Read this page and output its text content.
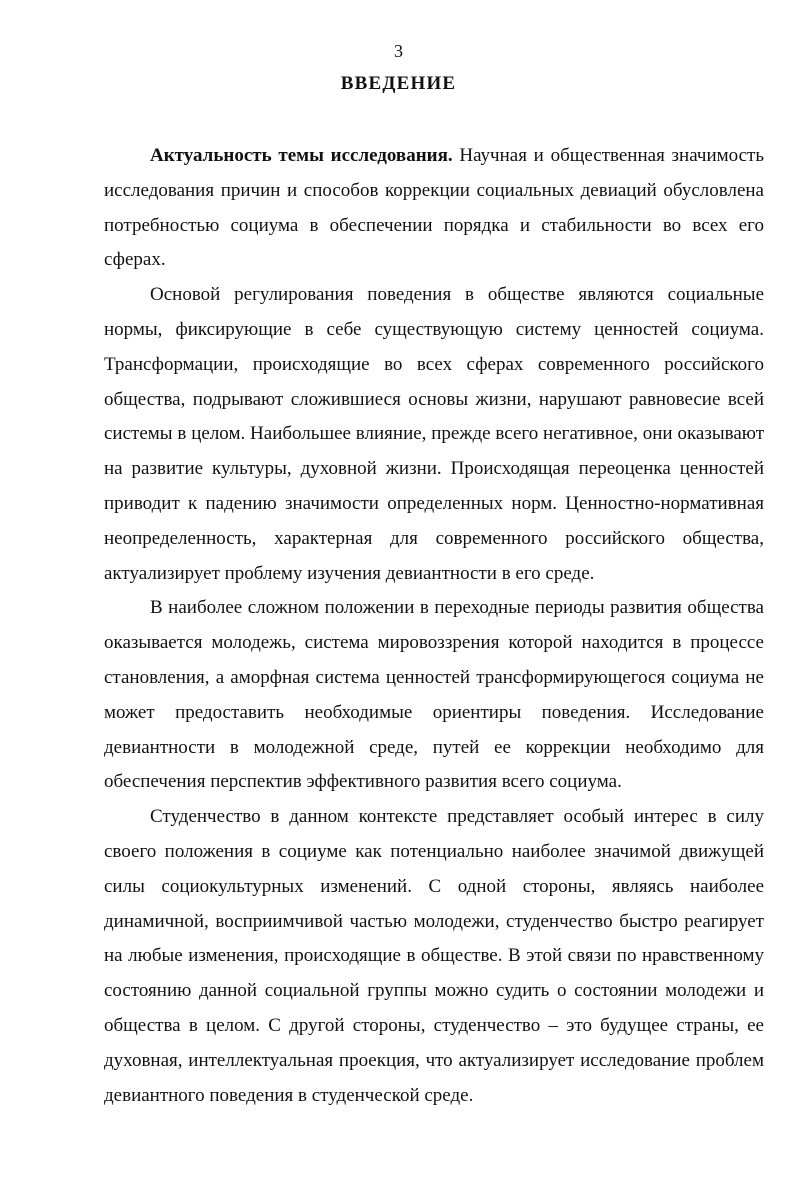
3
ВВЕДЕНИЕ

Актуальность темы исследования. Научная и общественная значимость исследования причин и способов коррекции социальных девиаций обусловлена потребностью социума в обеспечении порядка и стабильности во всех его сферах.

Основой регулирования поведения в обществе являются социальные нормы, фиксирующие в себе существующую систему ценностей социума. Трансформации, происходящие во всех сферах современного российского общества, подрывают сложившиеся основы жизни, нарушают равновесие всей системы в целом. Наибольшее влияние, прежде всего негативное, они оказывают на развитие культуры, духовной жизни. Происходящая переоценка ценностей приводит к падению значимости определенных норм. Ценностно-нормативная неопределенность, характерная для современного российского общества, актуализирует проблему изучения девиантности в его среде.

В наиболее сложном положении в переходные периоды развития общества оказывается молодежь, система мировоззрения которой находится в процессе становления, а аморфная система ценностей трансформирующегося социума не может предоставить необходимые ориентиры поведения. Исследование девиантности в молодежной среде, путей ее коррекции необходимо для обеспечения перспектив эффективного развития всего социума.

Студенчество в данном контексте представляет особый интерес в силу своего положения в социуме как потенциально наиболее значимой движущей силы социокультурных изменений. С одной стороны, являясь наиболее динамичной, восприимчивой частью молодежи, студенчество быстро реагирует на любые изменения, происходящие в обществе. В этой связи по нравственному состоянию данной социальной группы можно судить о состоянии молодежи и общества в целом. С другой стороны, студенчество – это будущее страны, ее духовная, интеллектуальная проекция, что актуализирует исследование проблем девиантного поведения в студенческой среде.
